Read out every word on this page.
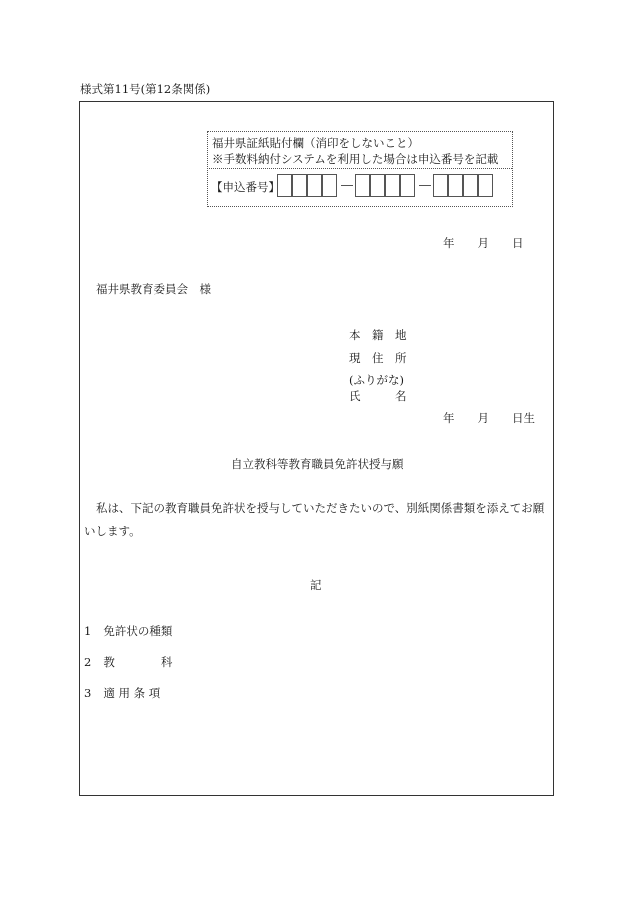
様式第11号(第12条関係)
福井県証紙貼付欄（消印をしないこと）
※手数料納付システムを利用した場合は申込番号を記載
【申込番号】
年　　月　　日
福井県教育委員会　様
本　籍　地
現　住　所
(ふりがな)
氏　　　名
年　　月　　日生
自立教科等教育職員免許状授与願
私は、下記の教育職員免許状を授与していただきたいので、別紙関係書類を添えてお願
いします。
記
1 免許状の種類
2 教　　　　科
3 適 用 条 項
